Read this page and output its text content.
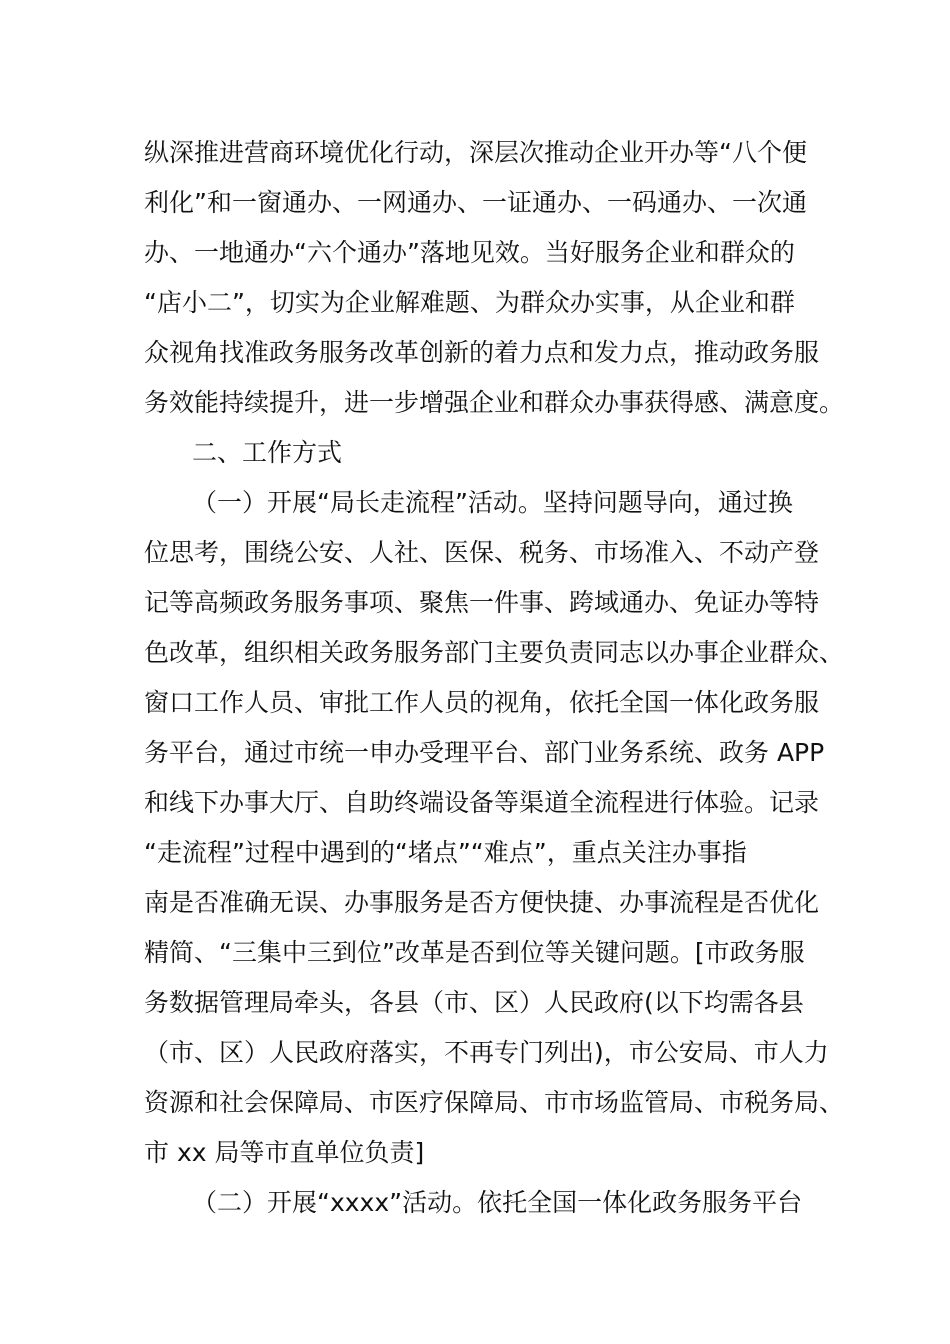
纵深推进营商环境优化行动，深层次推动企业开办等“八个便
利化”和一窗通办、一网通办、一证通办、一码通办、一次通
办、一地通办“六个通办”落地见效。当好服务企业和群众的
“店小二”，切实为企业解难题、为群众办实事，从企业和群
众视角找准政务服务改革创新的着力点和发力点，推动政务服
务效能持续提升，进一步增强企业和群众办事获得感、满意度。
二、工作方式
（一）开展“局长走流程”活动。坚持问题导向，通过换
位思考，围绕公安、人社、医保、税务、市场准入、不动产登
记等高频政务服务事项、聚焦一件事、跨域通办、免证办等特
色改革，组织相关政务服务部门主要负责同志以办事企业群众、
窗口工作人员、审批工作人员的视角，依托全国一体化政务服
务平台，通过市统一申办受理平台、部门业务系统、政务 APP
和线下办事大厅、自助终端设备等渠道全流程进行体验。记录
“走流程”过程中遇到的“堵点”“难点”，重点关注办事指
南是否准确无误、办事服务是否方便快捷、办事流程是否优化
精简、“三集中三到位”改革是否到位等关键问题。[市政务服
务数据管理局牵头，各县（市、区）人民政府(以下均需各县
（市、区）人民政府落实，不再专门列出)，市公安局、市人力
资源和社会保障局、市医疗保障局、市市场监管局、市税务局、
市 xx 局等市直单位负责]
（二）开展“xxxx”活动。依托全国一体化政务服务平台
